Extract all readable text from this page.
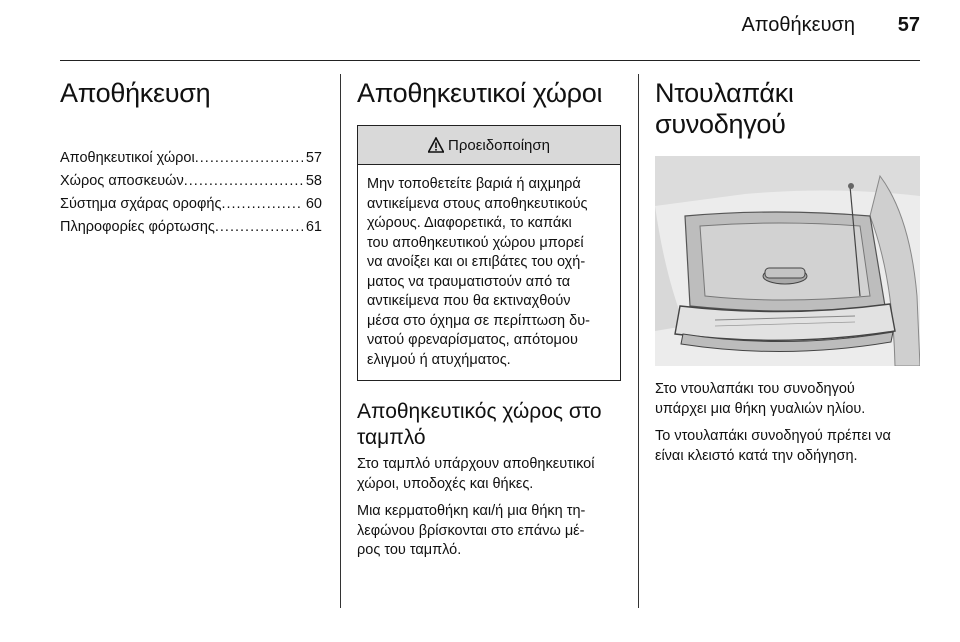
Αποθήκευση 57
Αποθήκευση
Αποθηκευτικοί χώροι .....	57
Χώρος αποσκευών .....	58
Σύστημα σχάρας οροφής .....	60
Πληροφορίες φόρτωσης .....	61
Αποθηκευτικοί χώροι
Προειδοποίηση
Μην τοποθετείτε βαριά ή αιχμηρά
αντικείμενα στους αποθηκευτικούς
χώρους. Διαφορετικά, το καπάκι
του αποθηκευτικού χώρου μπορεί
να ανοίξει και οι επιβάτες του οχή-
ματος να τραυματιστούν από τα
αντικείμενα που θα εκτιναχθούν
μέσα στο όχημα σε περίπτωση δυ-
νατού φρεναρίσματος, απότομου
ελιγμού ή ατυχήματος.
Αποθηκευτικός χώρος στο ταμπλό

Στο ταμπλό υπάρχουν αποθηκευτικοί
χώροι, υποδοχές και θήκες.

Μια κερματοθήκη και/ή μια θήκη τη-
λεφώνου βρίσκονται στο επάνω μέ-
ρος του ταμπλό.

Ντουλαπάκι συνοδηγού

Στο ντουλαπάκι του συνοδηγού
υπάρχει μια θήκη γυαλιών ηλίου.

Το ντουλαπάκι συνοδηγού πρέπει να
είναι κλειστό κατά την οδήγηση.
